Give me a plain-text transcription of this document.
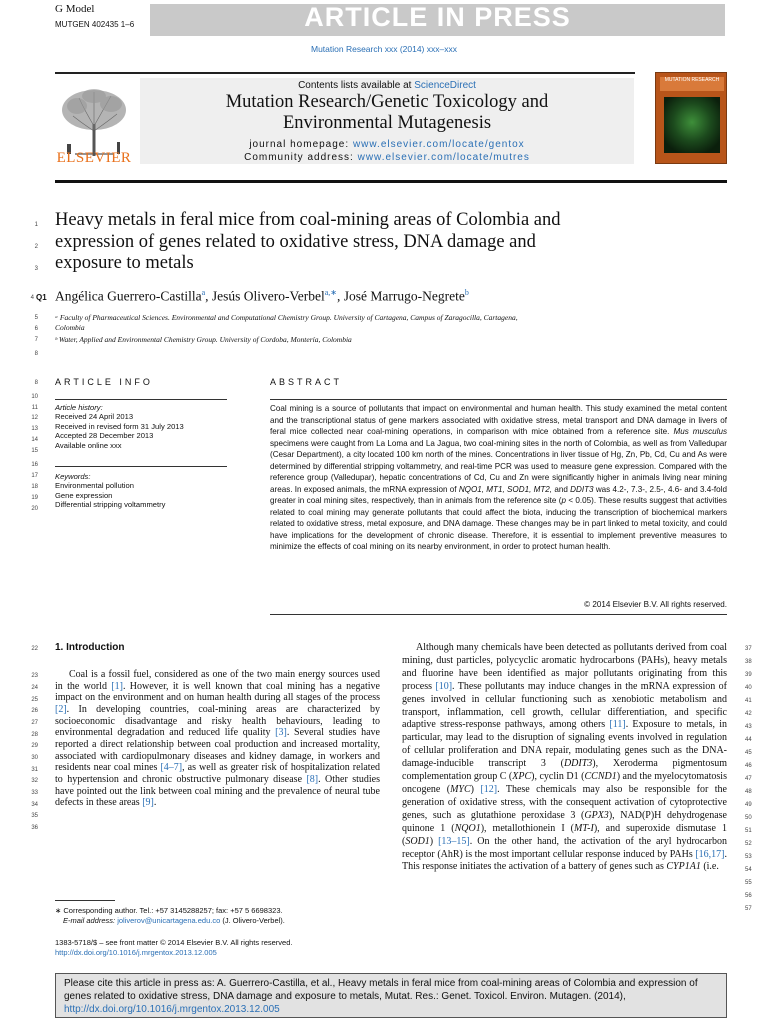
G Model
MUTGEN 402435 1–6	ARTICLE IN PRESS
Mutation Research xxx (2014) xxx–xxx
ELSEVIER
Contents lists available at ScienceDirect
Mutation Research/Genetic Toxicology and
Environmental Mutagenesis
journal homepage: www.elsevier.com/locate/gentox
Community address: www.elsevier.com/locate/mutres
MUTATION RESEARCH
1
2
3
Heavy metals in feral mice from coal-mining areas of Colombia and
expression of genes related to oxidative stress, DNA damage and
exposure to metals
4 Q1 Angélica Guerrero-Castilla$^a$, Jesús Olivero-Verbel$^{a,∗}$, José Marrugo-Negrete$^b$
5
6
7
8
ᵃ Faculty of Pharmaceutical Sciences. Environmental and Computational Chemistry Group. University of Cartagena, Campus of Zaragocilla, Cartagena,
Colombia
ᵇ Water, Applied and Environmental Chemistry Group. University of Cordoba, Montería, Colombia
8 ARTICLE INFO	ABSTRACT
10
11
12
13
14
15
16
17
18
19
20
Article history:
Received 24 April 2013
Received in revised form 31 July 2013
Accepted 28 December 2013
Available online xxx
Keywords:
Environmental pollution
Gene expression
Differential stripping voltammetry
Coal mining is a source of pollutants that impact on environmental and human health. This study examined the metal content and the transcriptional status of gene markers associated with oxidative stress, metal transport and DNA damage in livers of feral mice collected near coal-mining operations, in comparison with mice obtained from a reference site. Mus musculus specimens were caught from La Loma and La Jagua, two coal-mining sites in the north of Colombia, as well as from Valledupar (Cesar Department), a city located 100 km north of the mines. Concentrations in liver tissue of Hg, Zn, Pb, Cd, Cu and As were determined by differential stripping voltammetry, and real-time PCR was used to measure gene expression. Compared with the reference group (Valledupar), hepatic concentrations of Cd, Cu and Zn were significantly higher in animals living near mining areas. In exposed animals, the mRNA expression of NQO1, MT1, SOD1, MT2, and DDIT3 was 4.2-, 7.3-, 2.5-, 4.6- and 3.4-fold greater in coal mining sites, respectively, than in animals from the reference site (p < 0.05). These results suggest that activities related to coal mining may generate pollutants that could affect the biota, inducing the transcription of biochemical markers related to oxidative stress, metal exposure, and DNA damage. These changes may be in part linked to metal toxicity, and could have implications for the development of chronic disease. Therefore, it is essential to implement preventive measures to minimize the effects of coal mining on its nearby environment, in order to protect human health.
© 2014 Elsevier B.V. All rights reserved.
22 1. Introduction
23
24
25
26
27
28
29
30
31
32
33
34
35
36
Coal is a fossil fuel, considered as one of the two main energy sources used in the world [1]. However, it is well known that coal mining has a negative impact on the environment and on human health during all stages of the process [2]. In developing countries, coal-mining areas are characterized by socioeconomic disadvantage and risky health behaviours, leading to environmental degradation and reduced life quality [3]. Several studies have reported a direct relationship between coal production and increased mortality, associated with cardiopulmonary diseases and kidney damage, in workers and residents near coal mines [4–7], as well as greater risk of hospitalization related to hypertension and chronic obstructive pulmonary disease [8]. Other studies have pointed out the link between coal mining and the prevalence of neural tube defects in these areas [9].
37
38
39
40
41
42
43
44
45
46
47
48
49
50
51
52
53
54
55
56
57
Although many chemicals have been detected as pollutants derived from coal mining, dust particles, polycyclic aromatic hydrocarbons (PAHs), heavy metals and fluorine have been identified as major pollutants originating from this process [10]. These pollutants may induce changes in the mRNA expression of genes involved in cellular functioning such as xenobiotic metabolism and transport, inflammation, cell growth, cellular differentiation, and specific adaptive stress-response pathways, among others [11]. Exposure to metals, in particular, may lead to the disruption of signaling events involved in regulation of cellular proliferation and DNA repair, modulating genes such as the DNA-damage-inducible transcript 3 (DDIT3), Xeroderma pigmentosum complementation group C (XPC), cyclin D1 (CCND1) and the myelocytomatosis oncogene (MYC) [12]. These chemicals may also be responsible for the generation of oxidative stress, with the consequent activation of cytoprotective genes, such as glutathione peroxidase 3 (GPX3), NAD(P)H dehydrogenase quinone 1 (NQO1), metallothionein I (MT-I), and superoxide dismutase 1 (SOD1) [13–15]. On the other hand, the activation of the aryl hydrocarbon receptor (AhR) is the most important cellular response induced by PAHs [16,17]. This response initiates the activation of a battery of genes such as CYP1A1 (i.e.
∗ Corresponding author. Tel.: +57 3145288257; fax: +57 5 6698323.
E-mail address: joliverov@unicartagena.edu.co (J. Olivero-Verbel).
1383-5718/$ – see front matter © 2014 Elsevier B.V. All rights reserved.
http://dx.doi.org/10.1016/j.mrgentox.2013.12.005
Please cite this article in press as: A. Guerrero-Castilla, et al., Heavy metals in feral mice from coal-mining areas of Colombia and expression of genes related to oxidative stress, DNA damage and exposure to metals, Mutat. Res.: Genet. Toxicol. Environ. Mutagen. (2014), http://dx.doi.org/10.1016/j.mrgentox.2013.12.005
